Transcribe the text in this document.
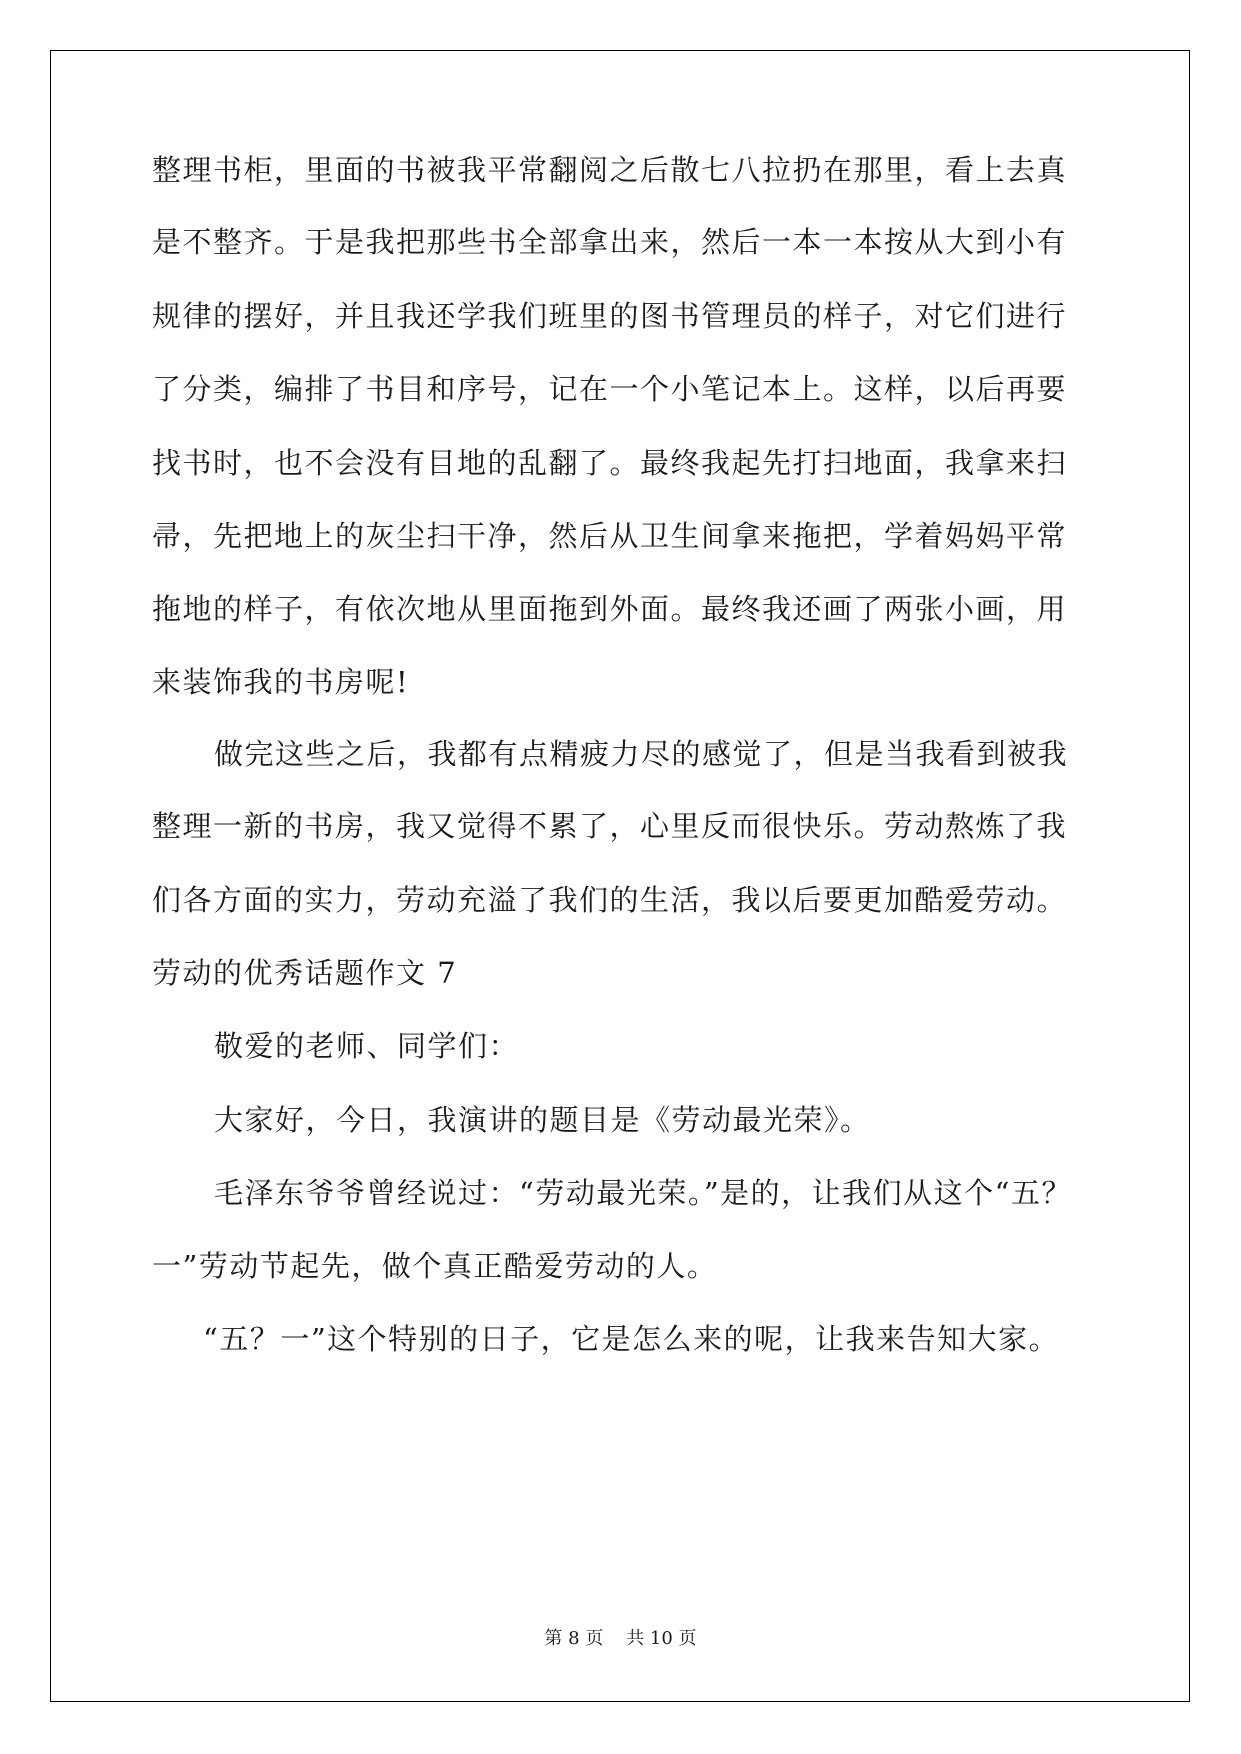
整理书柜，里面的书被我平常翻阅之后散七八拉扔在那里，看上去真
是不整齐。于是我把那些书全部拿出来，然后一本一本按从大到小有
规律的摆好，并且我还学我们班里的图书管理员的样子，对它们进行
了分类，编排了书目和序号，记在一个小笔记本上。这样，以后再要
找书时，也不会没有目地的乱翻了。最终我起先打扫地面，我拿来扫
帚，先把地上的灰尘扫干净，然后从卫生间拿来拖把，学着妈妈平常
拖地的样子，有依次地从里面拖到外面。最终我还画了两张小画，用
来装饰我的书房呢!
做完这些之后，我都有点精疲力尽的感觉了，但是当我看到被我
整理一新的书房，我又觉得不累了，心里反而很快乐。劳动熬炼了我
们各方面的实力，劳动充溢了我们的生活，我以后要更加酷爱劳动。
劳动的优秀话题作文 7
敬爱的老师、同学们：
大家好，今日，我演讲的题目是《劳动最光荣》。
毛泽东爷爷曾经说过：“劳动最光荣。”是的，让我们从这个“五？
一”劳动节起先，做个真正酷爱劳动的人。
“五？一”这个特别的日子，它是怎么来的呢，让我来告知大家。
第 8 页    共 10 页
